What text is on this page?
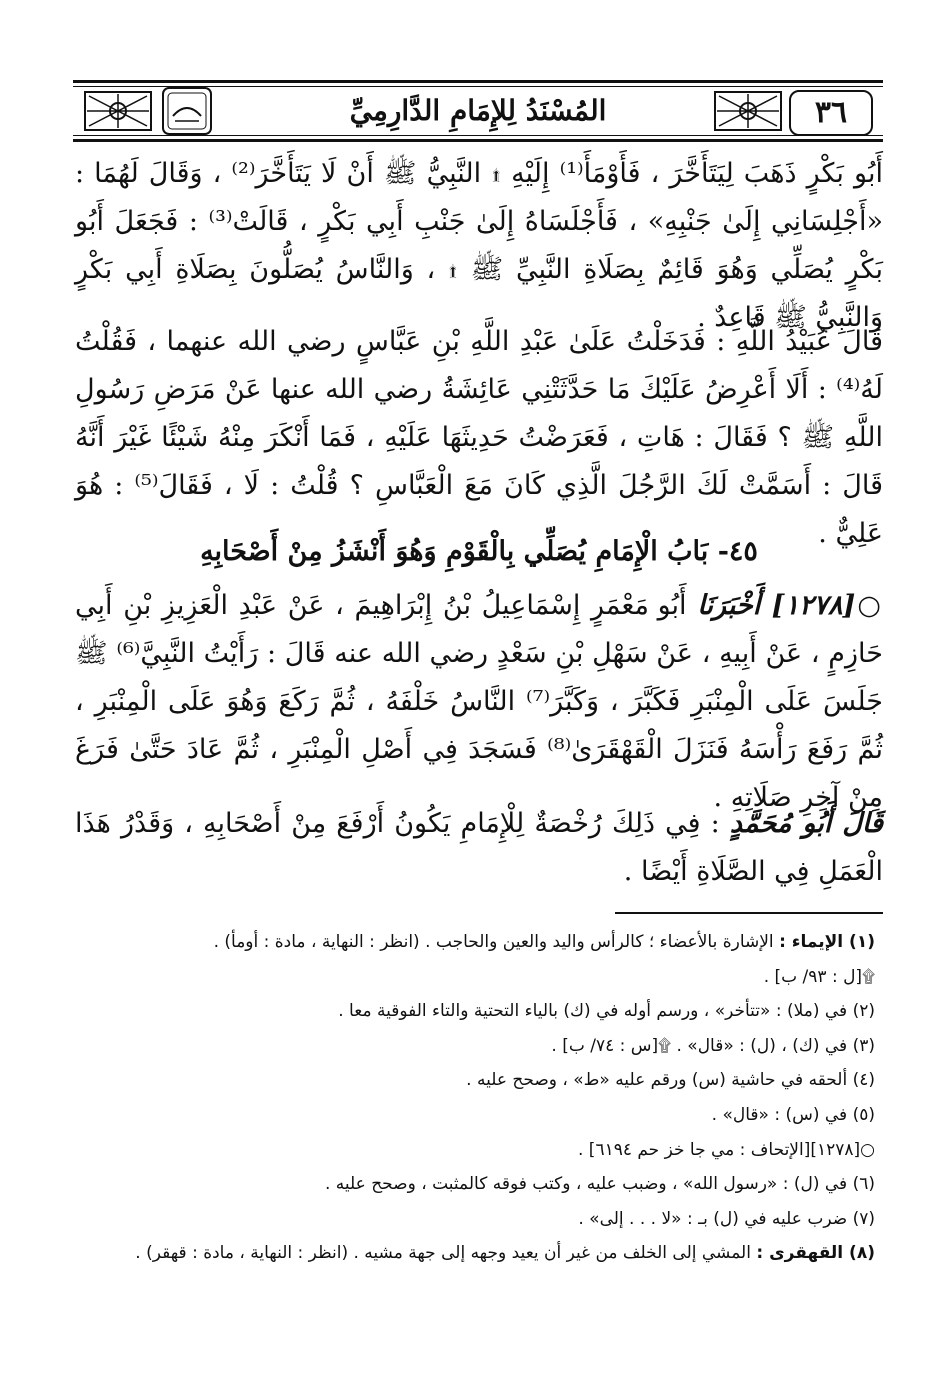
٣٦
المُسْنَدُ لِلإِمَامِ الدَّارِمِيِّ
أَبُو بَكْرٍ ذَهَبَ لِيَتَأَخَّرَ ، فَأَوْمَأَ⁽¹⁾ إِلَيْهِ ۩ النَّبِيُّ ﷺ أَنْ لَا يَتَأَخَّرَ⁽²⁾ ، وَقَالَ لَهُمَا : «أَجْلِسَانِي إِلَىٰ جَنْبِهِ» ، فَأَجْلَسَاهُ إِلَىٰ جَنْبِ أَبِي بَكْرٍ ، قَالَتْ⁽³⁾ : فَجَعَلَ أَبُو بَكْرٍ يُصَلِّي وَهُوَ قَائِمٌ بِصَلَاةِ النَّبِيِّ ﷺ ۩ ، وَالنَّاسُ يُصَلُّونَ بِصَلَاةِ أَبِي بَكْرٍ وَالنَّبِيُّ ﷺ قَاعِدٌ .
قَالَ عُبَيْدُ اللَّهِ : فَدَخَلْتُ عَلَىٰ عَبْدِ اللَّهِ بْنِ عَبَّاسٍ رضي الله عنهما ، فَقُلْتُ لَهُ⁽⁴⁾ : أَلَا أَعْرِضُ عَلَيْكَ مَا حَدَّثَتْنِي عَائِشَةُ رضي الله عنها عَنْ مَرَضِ رَسُولِ اللَّهِ ﷺ ؟ فَقَالَ : هَاتِ ، فَعَرَضْتُ حَدِيثَهَا عَلَيْهِ ، فَمَا أَنْكَرَ مِنْهُ شَيْئًا غَيْرَ أَنَّهُ قَالَ : أَسَمَّتْ لَكَ الرَّجُلَ الَّذِي كَانَ مَعَ الْعَبَّاسِ ؟ قُلْتُ : لَا ، فَقَالَ⁽⁵⁾ : هُوَ عَلِيٌّ .
٤٥- بَابُ الْإِمَامِ يُصَلِّي بِالْقَوْمِ وَهُوَ أَنْشَزُ مِنْ أَصْحَابِهِ
○[١٢٧٨] أَخْبَرَنَا أَبُو مَعْمَرٍ إِسْمَاعِيلُ بْنُ إِبْرَاهِيمَ ، عَنْ عَبْدِ الْعَزِيزِ بْنِ أَبِي حَازِمٍ ، عَنْ أَبِيهِ ، عَنْ سَهْلِ بْنِ سَعْدٍ رضي الله عنه قَالَ : رَأَيْتُ النَّبِيَّ⁽⁶⁾ ﷺ جَلَسَ عَلَى الْمِنْبَرِ فَكَبَّرَ ، وَكَبَّرَ⁽⁷⁾ النَّاسُ خَلْفَهُ ، ثُمَّ رَكَعَ وَهُوَ عَلَى الْمِنْبَرِ ، ثُمَّ رَفَعَ رَأْسَهُ فَنَزَلَ الْقَهْقَرَىٰ⁽⁸⁾ فَسَجَدَ فِي أَصْلِ الْمِنْبَرِ ، ثُمَّ عَادَ حَتَّىٰ فَرَغَ مِنْ آخِرِ صَلَاتِهِ .
قَالَ أَبُو مُحَمَّدٍ : فِي ذَلِكَ رُخْصَةٌ لِلْإِمَامِ يَكُونُ أَرْفَعَ مِنْ أَصْحَابِهِ ، وَقَدْرُ هَذَا الْعَمَلِ فِي الصَّلَاةِ أَيْضًا .
(١) الإيماء : الإشارة بالأعضاء ؛ كالرأس واليد والعين والحاجب . (انظر : النهاية ، مادة : أومأ) .
۩[ل : ٩٣/ ب] .
(٢) في (ملا) : «تتأخر» ، ورسم أوله في (ك) بالياء التحتية والتاء الفوقية معا .
(٣) في (ك) ، (ل) : «قال» . ۩[س : ٧٤/ ب] .
(٤) ألحقه في حاشية (س) ورقم عليه «ط» ، وصحح عليه .
(٥) في (س) : «قال» .
○[١٢٧٨][الإتحاف : مي جا خز حم ٦١٩٤] .
(٦) في (ل) : «رسول الله» ، وضبب عليه ، وكتب فوقه كالمثبت ، وصحح عليه .
(٧) ضرب عليه في (ل) بـ : «لا . . . إلى» .
(٨) القهقرى : المشي إلى الخلف من غير أن يعيد وجهه إلى جهة مشيه . (انظر : النهاية ، مادة : قهقر) .
